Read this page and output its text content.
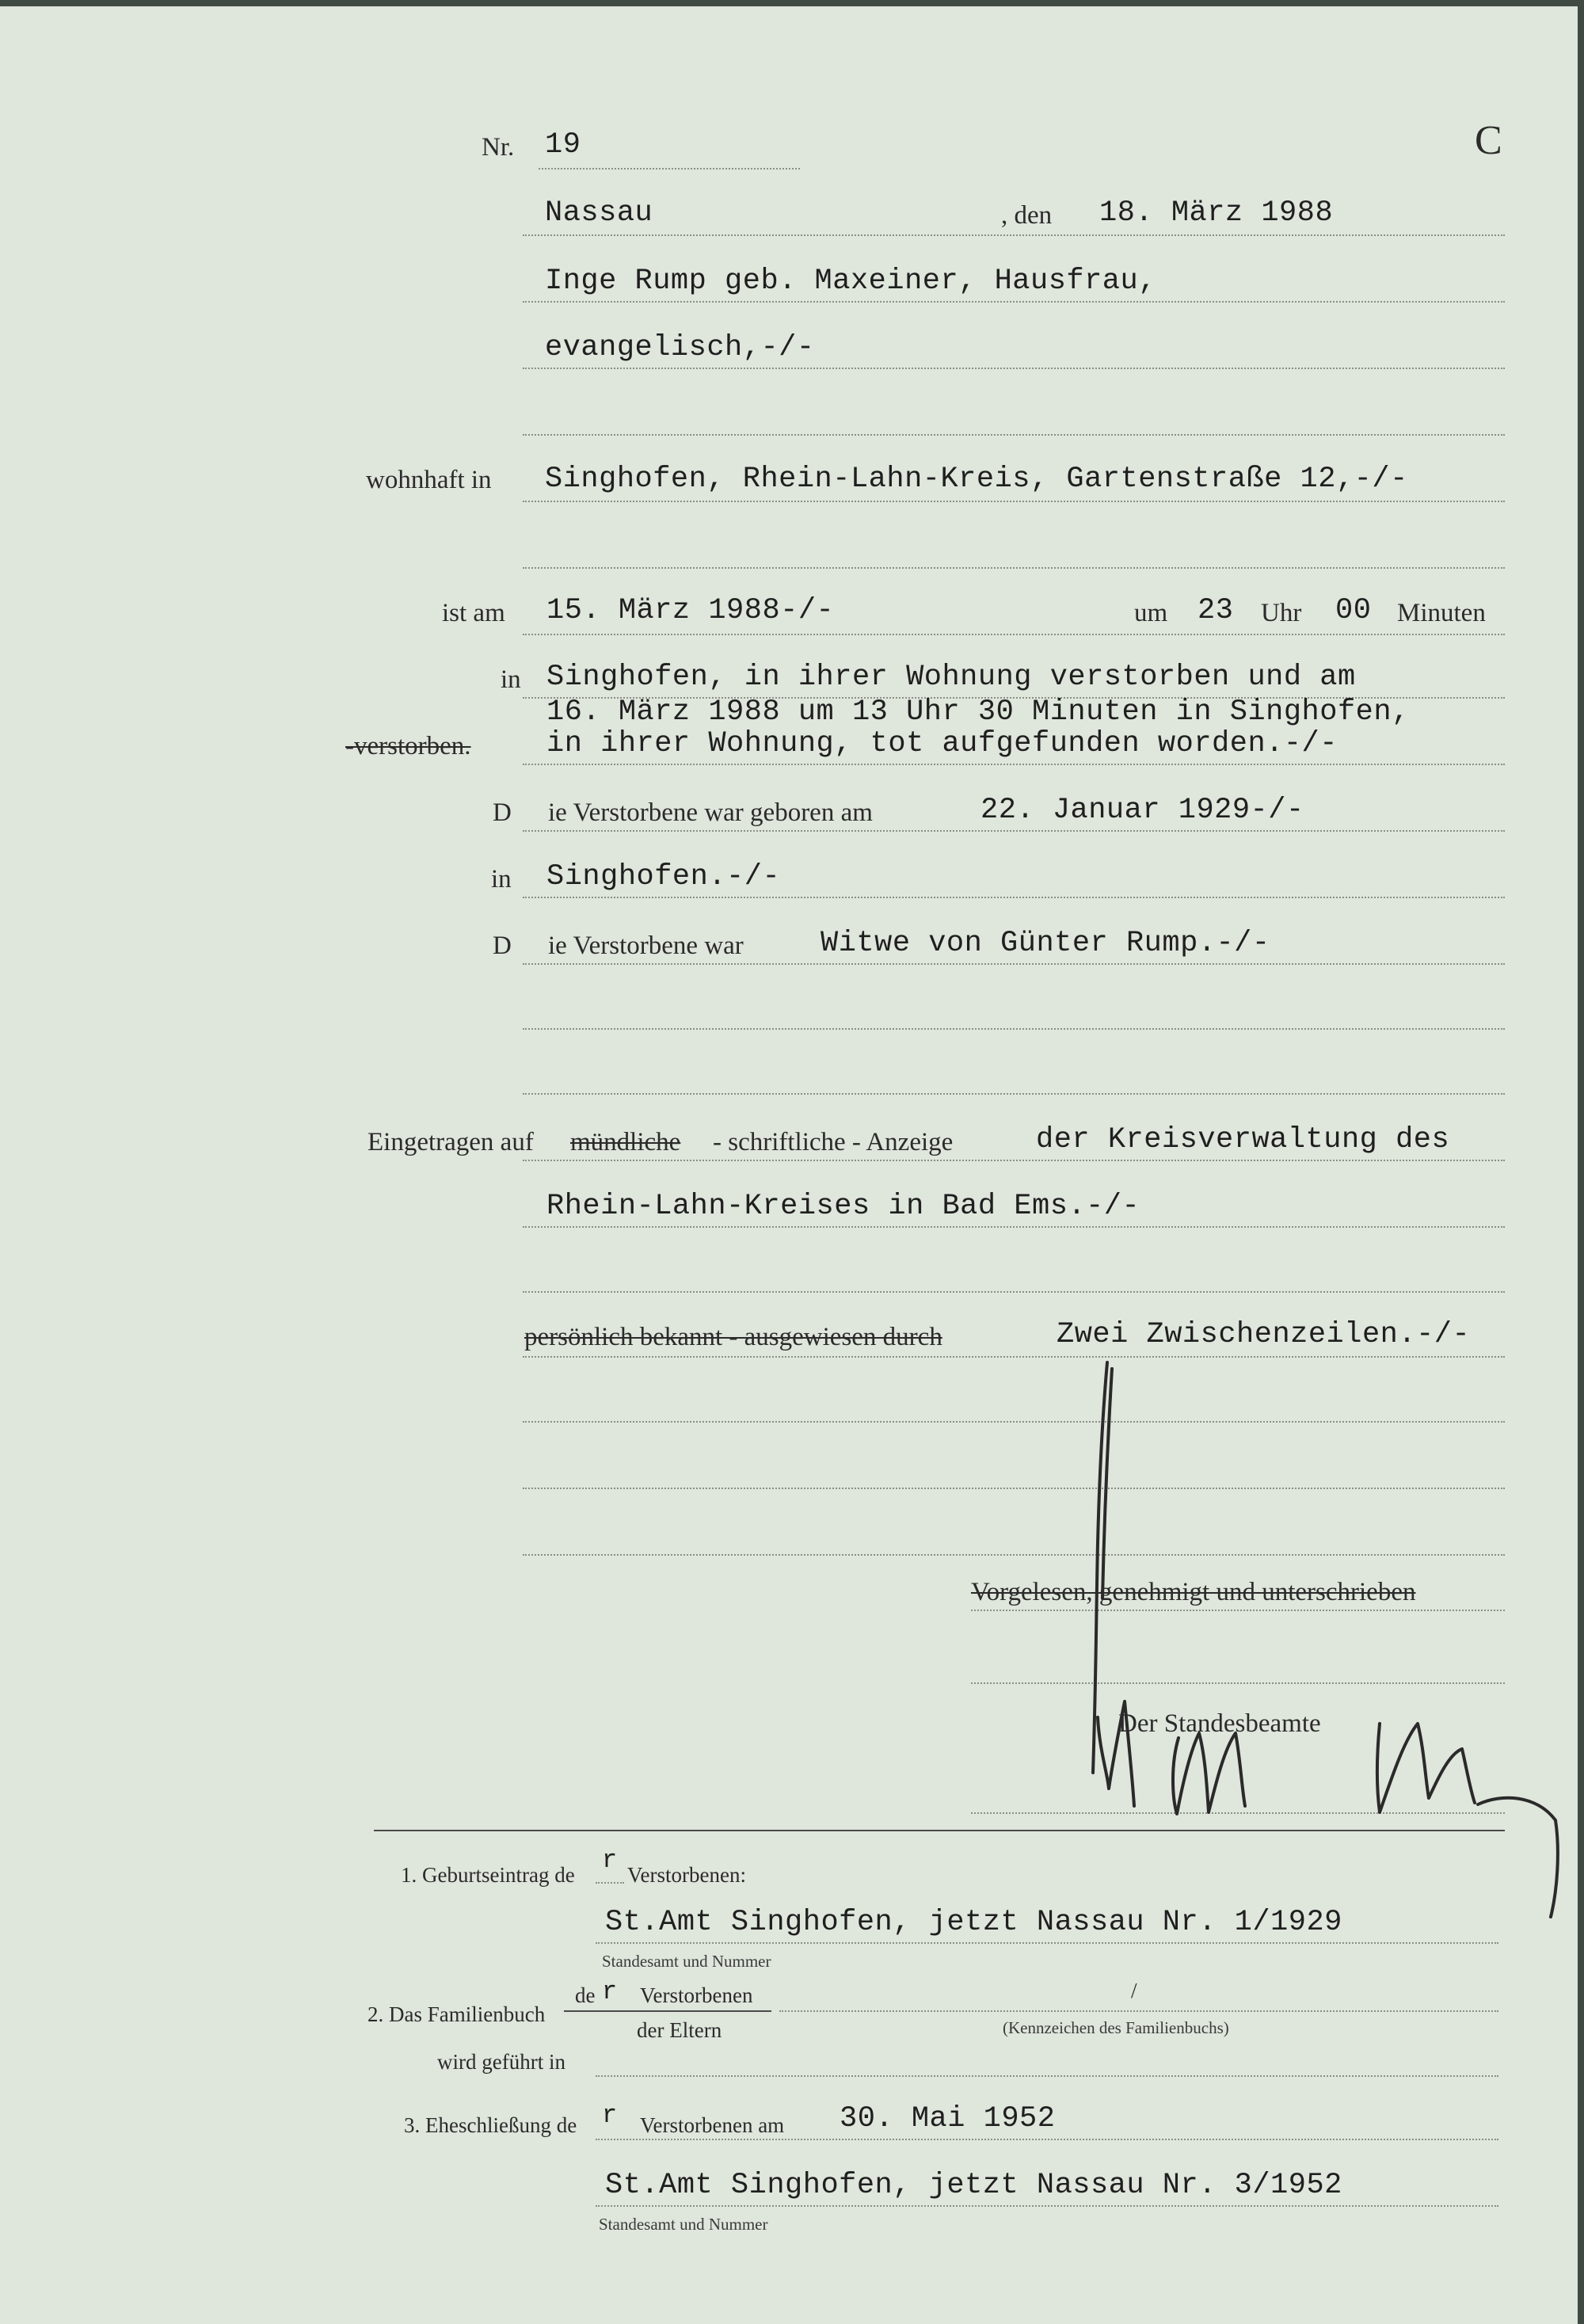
Nr. 19	C
Nassau	, den 18. März 1988
Inge Rump geb. Maxeiner, Hausfrau,
evangelisch,-/-
wohnhaft in Singhofen, Rhein-Lahn-Kreis, Gartenstraße 12,-/-
ist am 15. März 1988-/-	um 23 Uhr 00 Minuten
in Singhofen, in ihrer Wohnung verstorben und am
16. März 1988 um 13 Uhr 30 Minuten in Singhofen,
in ihrer Wohnung, tot aufgefunden worden.-/-
-verstorben.
D ie Verstorbene war geboren am	22. Januar 1929-/-
in Singhofen.-/-
D ie Verstorbene war	Witwe von Günter Rump.-/-
Eingetragen auf mündliche - schriftliche - Anzeige	der Kreisverwaltung des
Rhein-Lahn-Kreises in Bad Ems.-/-
persönlich bekannt - ausgewiesen durch	Zwei Zwischenzeilen.-/-
Vorgelesen, genehmigt und unterschrieben
Der Standesbeamte
1. Geburtseintrag de r Verstorbenen:
St.Amt Singhofen, jetzt Nassau Nr. 1/1929
Standesamt und Nummer
2. Das Familienbuch
de r Verstorbenen
der Eltern
/
(Kennzeichen des Familienbuchs)
wird geführt in
3. Eheschließung de r Verstorbenen am 30. Mai 1952
St.Amt Singhofen, jetzt Nassau Nr. 3/1952
Standesamt und Nummer
